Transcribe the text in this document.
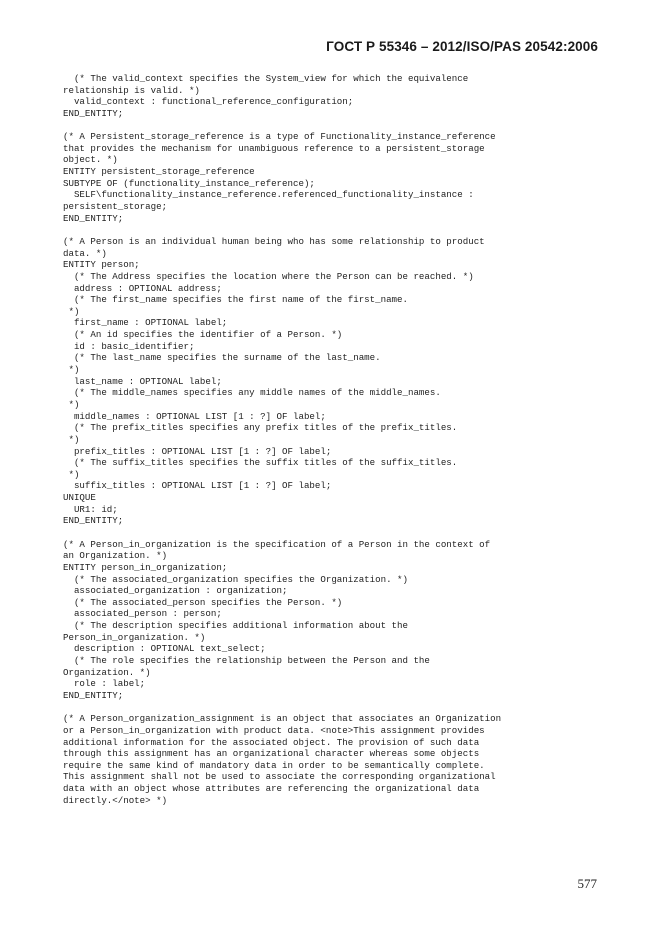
ГОСТ Р 55346 – 2012/ISO/PAS 20542:2006
(* The valid_context specifies the System_view for which the equivalence
relationship is valid. *)
valid_context : functional_reference_configuration;
END_ENTITY;
(* A Persistent_storage_reference is a type of Functionality_instance_reference
that provides the mechanism for unambiguous reference to a persistent_storage
object. *)
ENTITY persistent_storage_reference
SUBTYPE OF (functionality_instance_reference);
SELF\functionality_instance_reference.referenced_functionality_instance :
persistent_storage;
END_ENTITY;
(* A Person is an individual human being who has some relationship to product
data. *)
ENTITY person;
(* The Address specifies the location where the Person can be reached. *)
address : OPTIONAL address;
(* The first_name specifies the first name of the first_name.
*)
first_name : OPTIONAL label;
(* An id specifies the identifier of a Person. *)
id : basic_identifier;
(* The last_name specifies the surname of the last_name.
*)
last_name : OPTIONAL label;
(* The middle_names specifies any middle names of the middle_names.
*)
middle_names : OPTIONAL LIST [1 : ?] OF label;
(* The prefix_titles specifies any prefix titles of the prefix_titles.
*)
prefix_titles : OPTIONAL LIST [1 : ?] OF label;
(* The suffix_titles specifies the suffix titles of the suffix_titles.
*)
suffix_titles : OPTIONAL LIST [1 : ?] OF label;
UNIQUE
UR1: id;
END_ENTITY;
(* A Person_in_organization is the specification of a Person in the context of
an Organization. *)
ENTITY person_in_organization;
(* The associated_organization specifies the Organization. *)
associated_organization : organization;
(* The associated_person specifies the Person. *)
associated_person : person;
(* The description specifies additional information about the
Person_in_organization. *)
description : OPTIONAL text_select;
(* The role specifies the relationship between the Person and the
Organization. *)
role : label;
END_ENTITY;
(* A Person_organization_assignment is an object that associates an Organization
or a Person_in_organization with product data. <note>This assignment provides
additional information for the associated object. The provision of such data
through this assignment has an organizational character whereas some objects
require the same kind of mandatory data in order to be semantically complete.
This assignment shall not be used to associate the corresponding organizational
data with an object whose attributes are referencing the organizational data
directly.</note> *)
577
